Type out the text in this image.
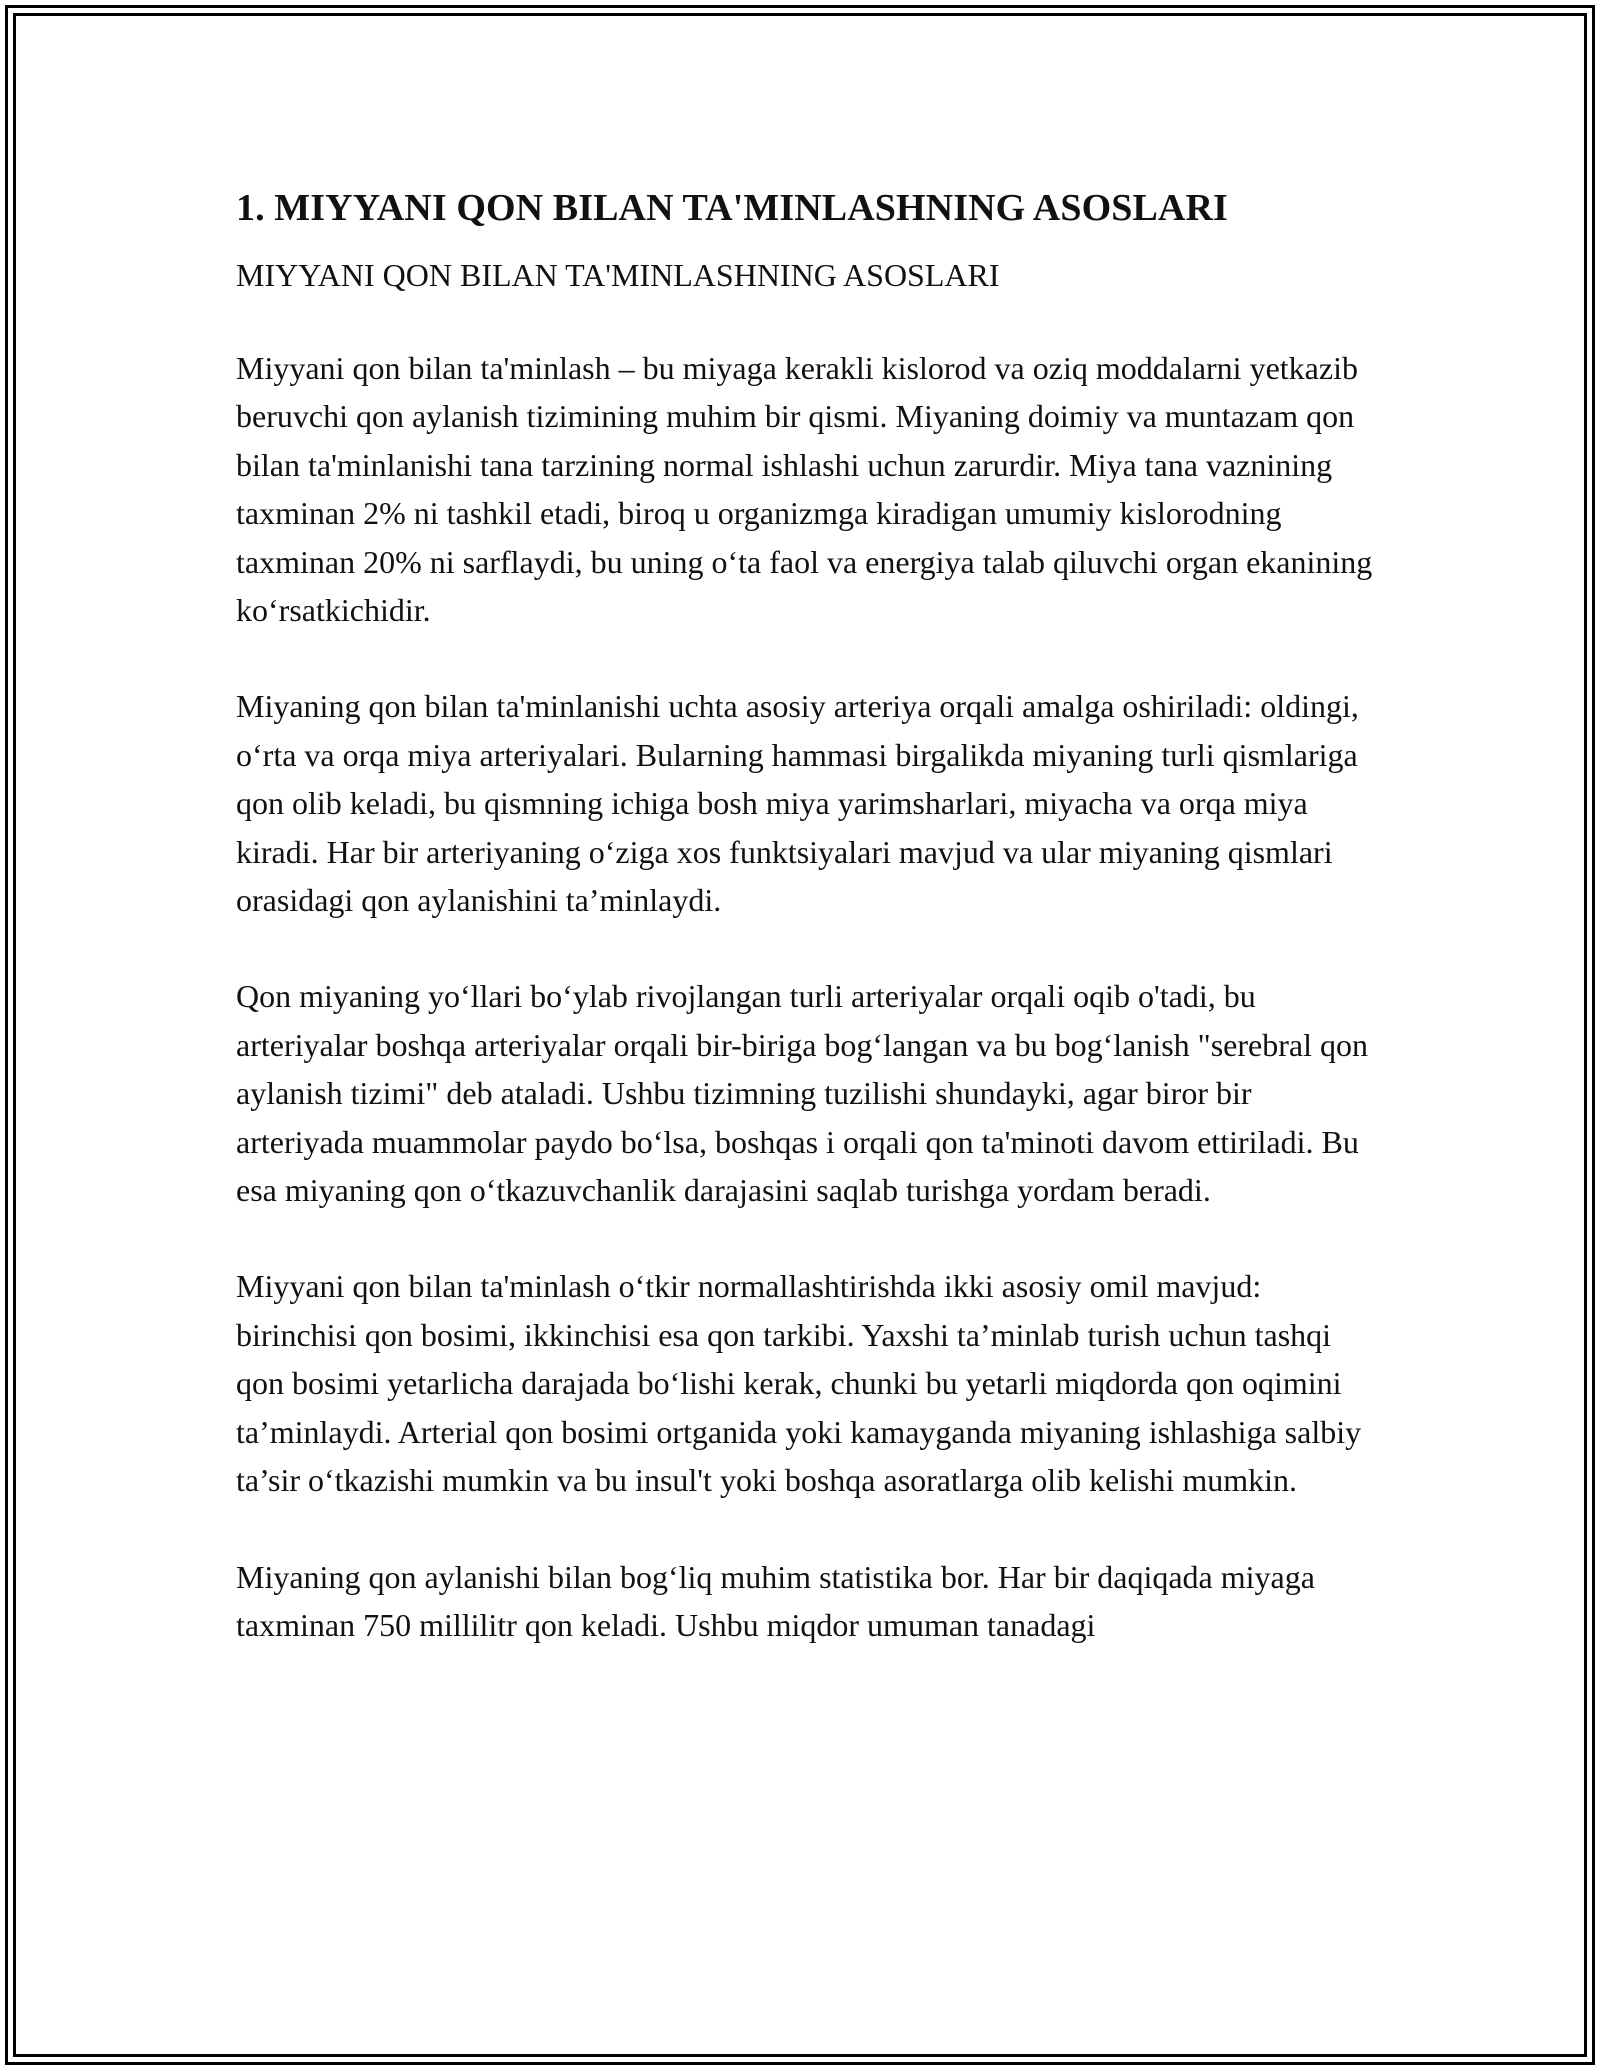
1. MIYYANI QON BILAN TA'MINLASHNING ASOSLARI

MIYYANI QON BILAN TA'MINLASHNING ASOSLARI

Miyyani qon bilan ta'minlash – bu miyaga kerakli kislorod va oziq moddalarni yetkazib beruvchi qon aylanish tizimining muhim bir qismi. Miyaning doimiy va muntazam qon bilan ta'minlanishi tana tarzining normal ishlashi uchun zarurdir. Miya tana vaznining taxminan 2% ni tashkil etadi, biroq u organizmga kiradigan umumiy kislorodning taxminan 20% ni sarflaydi, bu uning oʻta faol va energiya talab qiluvchi organ ekanining koʻrsatkichidir.

Miyaning qon bilan ta'minlanishi uchta asosiy arteriya orqali amalga oshiriladi: oldingi, oʻrta va orqa miya arteriyalari. Bularning hammasi birgalikda miyaning turli qismlariga qon olib keladi, bu qismning ichiga bosh miya yarimsharlari, miyacha va orqa miya kiradi. Har bir arteriyaning oʻziga xos funktsiyalari mavjud va ular miyaning qismlari orasidagi qon aylanishini ta’minlaydi.

Qon miyaning yoʻllari boʻylab rivojlangan turli arteriyalar orqali oqib o'tadi, bu arteriyalar boshqa arteriyalar orqali bir-biriga bogʻlangan va bu bogʻlanish "serebral qon aylanish tizimi" deb ataladi. Ushbu tizimning tuzilishi shundayki, agar biror bir arteriyada muammolar paydo boʻlsa, boshqas i orqali qon ta'minoti davom ettiriladi. Bu esa miyaning qon oʻtkazuvchanlik darajasini saqlab turishga yordam beradi.

Miyyani qon bilan ta'minlash oʻtkir normallashtirishda ikki asosiy omil mavjud: birinchisi qon bosimi, ikkinchisi esa qon tarkibi. Yaxshi ta’minlab turish uchun tashqi qon bosimi yetarlicha darajada boʻlishi kerak, chunki bu yetarli miqdorda qon oqimini ta’minlaydi. Arterial qon bosimi ortganida yoki kamayganda miyaning ishlashiga salbiy ta’sir oʻtkazishi mumkin va bu insul't yoki boshqa asoratlarga olib kelishi mumkin.

Miyaning qon aylanishi bilan bogʻliq muhim statistika bor. Har bir daqiqada miyaga taxminan 750 millilitr qon keladi. Ushbu miqdor umuman tanadagi
